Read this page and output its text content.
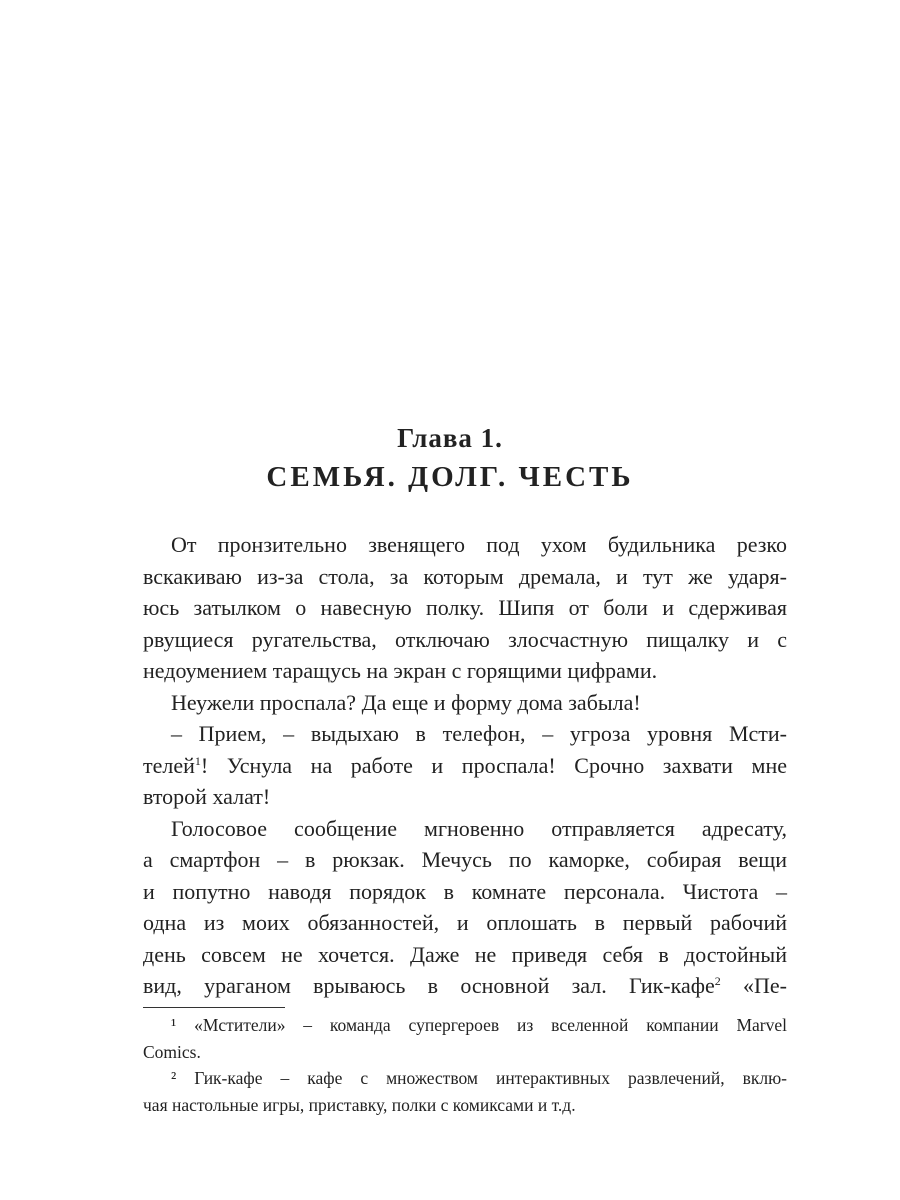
Глава 1.
СЕМЬЯ. ДОЛГ. ЧЕСТЬ
От пронзительно звенящего под ухом будильника резко
вскакиваю из-за стола, за которым дремала, и тут же ударя-
юсь затылком о навесную полку. Шипя от боли и сдерживая
рвущиеся ругательства, отключаю злосчастную пищалку и с
недоумением таращусь на экран с горящими цифрами.
Неужели проспала? Да еще и форму дома забыла!
– Прием, – выдыхаю в телефон, – угроза уровня Мсти-
телей$^1$! Уснула на работе и проспала! Срочно захвати мне
второй халат!
Голосовое сообщение мгновенно отправляется адресату,
а смартфон – в рюкзак. Мечусь по каморке, собирая вещи
и попутно наводя порядок в комнате персонала. Чистота –
одна из моих обязанностей, и оплошать в первый рабочий
день совсем не хочется. Даже не приведя себя в достойный
вид, ураганом врываюсь в основной зал. Гик-кафе$^2$ «Пе-
¹ «Мстители» – команда супергероев из вселенной компании Marvel
Comics.
² Гик-кафе – кафе с множеством интерактивных развлечений, вклю-
чая настольные игры, приставку, полки с комиксами и т.д.
